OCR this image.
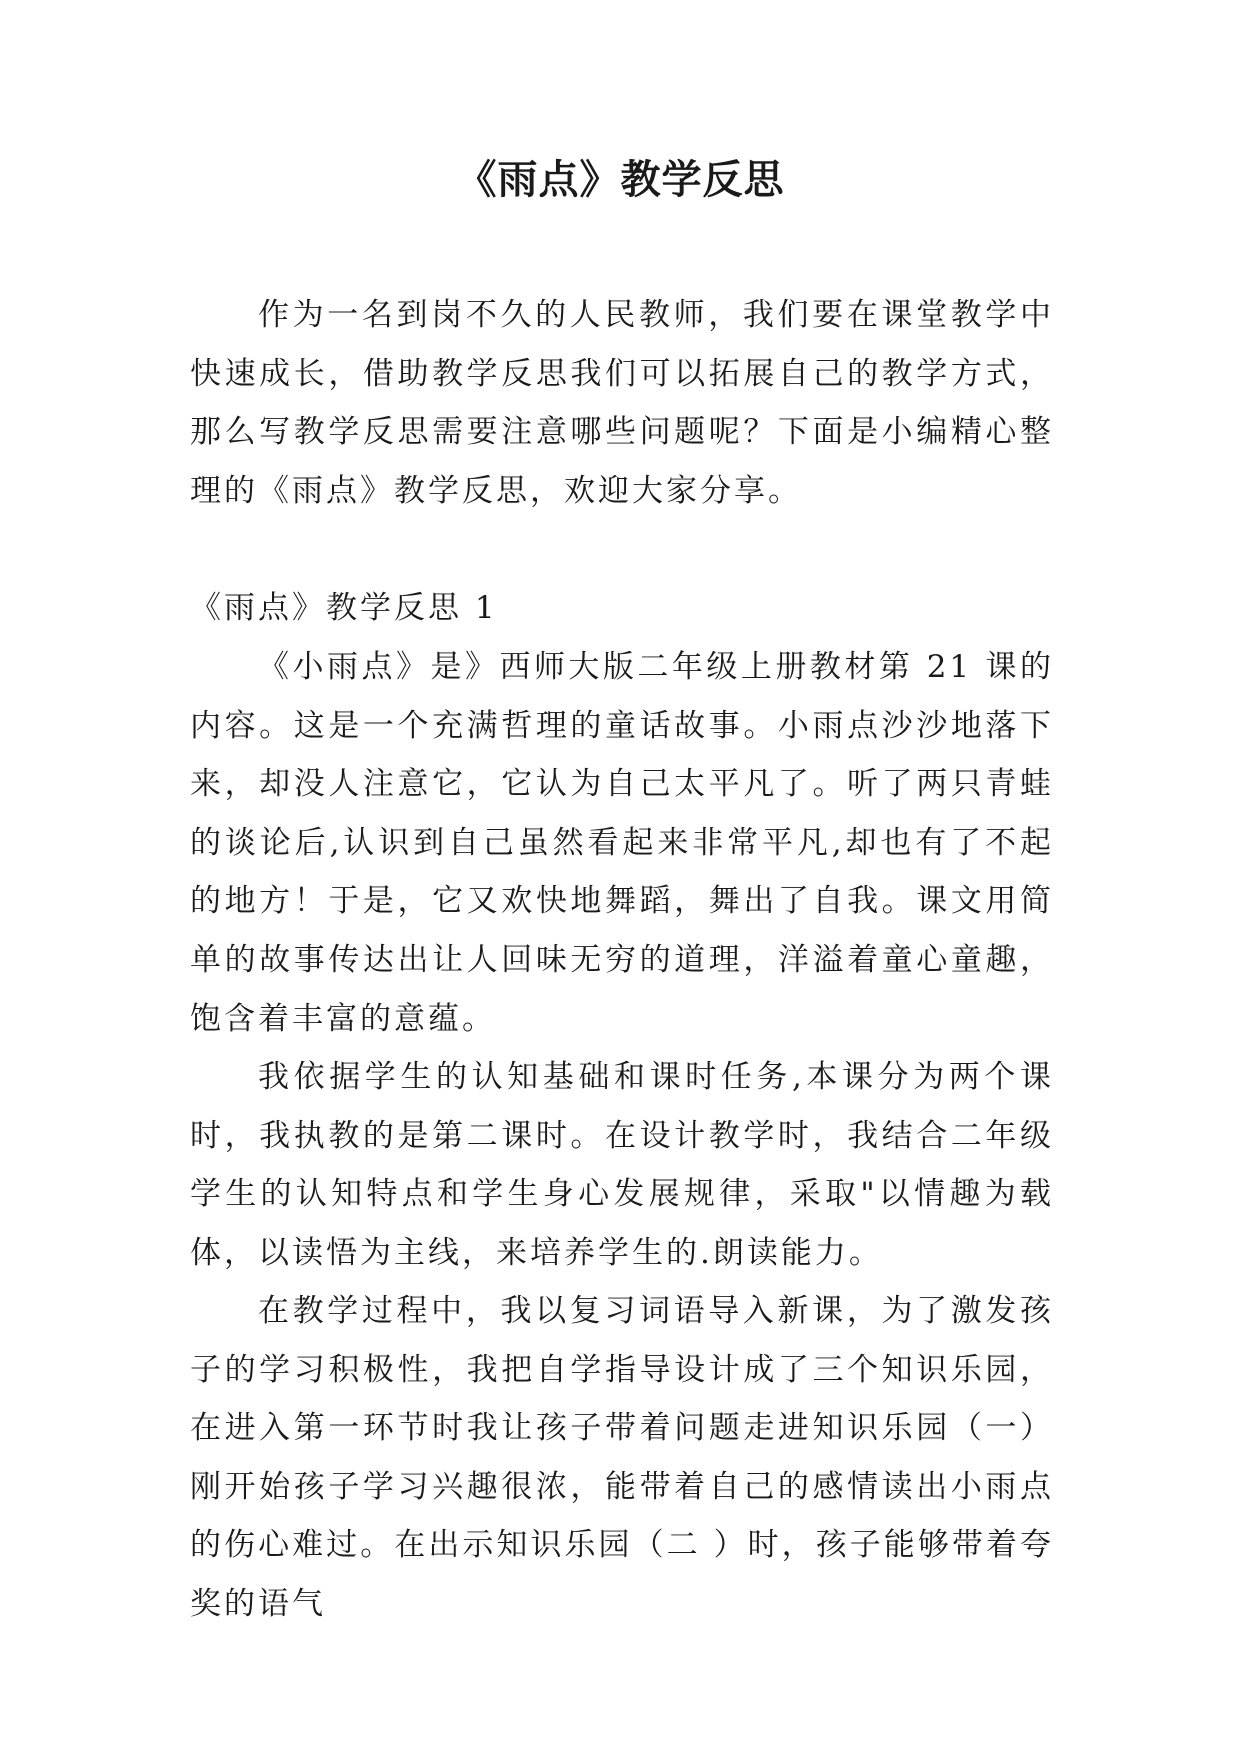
《雨点》教学反思

作为一名到岗不久的人民教师，我们要在课堂教学中快速成长，借助教学反思我们可以拓展自己的教学方式，那么写教学反思需要注意哪些问题呢？下面是小编精心整理的《雨点》教学反思，欢迎大家分享。

《雨点》教学反思 1

《小雨点》是》西师大版二年级上册教材第 21 课的内容。这是一个充满哲理的童话故事。小雨点沙沙地落下来，却没人注意它，它认为自己太平凡了。听了两只青蛙的谈论后,认识到自己虽然看起来非常平凡,却也有了不起的地方！于是，它又欢快地舞蹈，舞出了自我。课文用简单的故事传达出让人回味无穷的道理，洋溢着童心童趣，饱含着丰富的意蕴。

我依据学生的认知基础和课时任务,本课分为两个课时，我执教的是第二课时。在设计教学时，我结合二年级学生的认知特点和学生身心发展规律，采取"以情趣为载体，以读悟为主线，来培养学生的.朗读能力。

在教学过程中，我以复习词语导入新课，为了激发孩子的学习积极性，我把自学指导设计成了三个知识乐园，在进入第一环节时我让孩子带着问题走进知识乐园（一）刚开始孩子学习兴趣很浓，能带着自己的感情读出小雨点的伤心难过。在出示知识乐园（二 ）时，孩子能够带着夸奖的语气
